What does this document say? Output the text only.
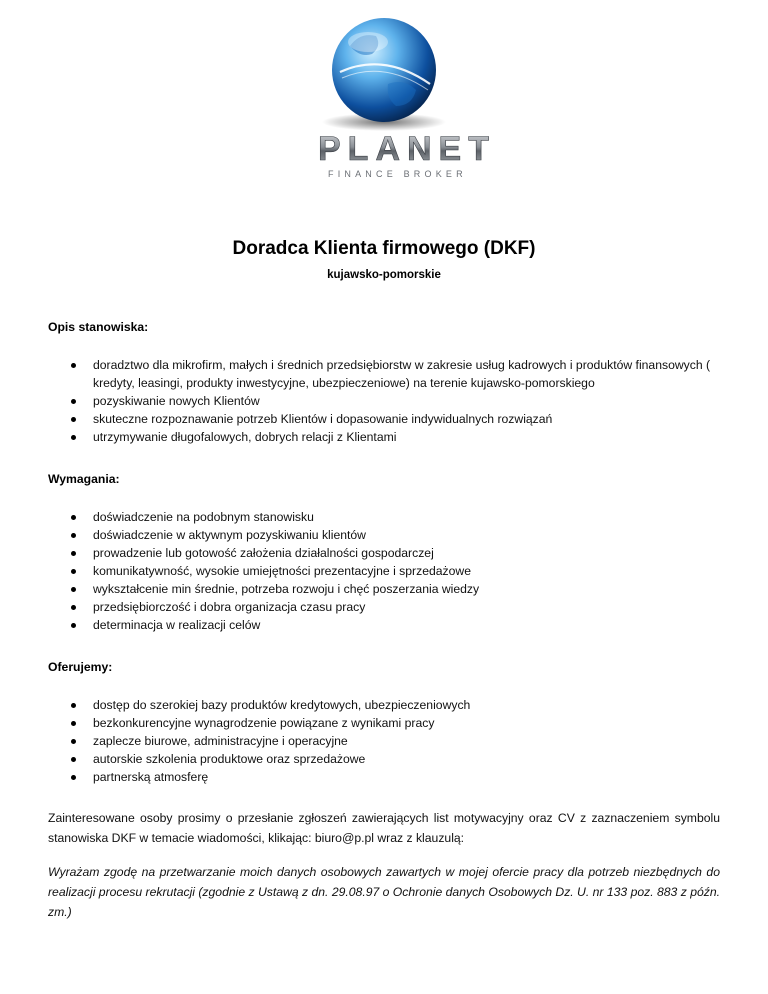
PLANET
FINANCE BROKER
Doradca Klienta firmowego (DKF)
kujawsko-pomorskie
Opis stanowiska:
doradztwo dla mikrofirm, małych i średnich przedsiębiorstw w zakresie usług kadrowych i produktów finansowych ( kredyty, leasingi, produkty inwestycyjne, ubezpieczeniowe) na terenie kujawsko-pomorskiego
pozyskiwanie nowych Klientów
skuteczne rozpoznawanie potrzeb Klientów i dopasowanie indywidualnych rozwiązań
utrzymywanie długofalowych, dobrych relacji z Klientami
Wymagania:
doświadczenie na podobnym stanowisku
doświadczenie w aktywnym pozyskiwaniu klientów
prowadzenie lub gotowość założenia działalności gospodarczej
komunikatywność, wysokie umiejętności prezentacyjne i sprzedażowe
wykształcenie min średnie, potrzeba rozwoju i chęć poszerzania wiedzy
przedsiębiorczość i dobra organizacja czasu pracy
determinacja w realizacji celów
Oferujemy:
dostęp do szerokiej bazy produktów kredytowych, ubezpieczeniowych
bezkonkurencyjne wynagrodzenie powiązane z wynikami pracy
zaplecze biurowe, administracyjne i operacyjne
autorskie szkolenia produktowe oraz sprzedażowe
partnerską atmosferę
Zainteresowane osoby prosimy o przesłanie zgłoszeń zawierających list motywacyjny oraz CV z zaznaczeniem symbolu stanowiska DKF w temacie wiadomości, klikając: biuro@p.pl wraz z klauzulą:
Wyrażam zgodę na przetwarzanie moich danych osobowych zawartych w mojej ofercie pracy dla potrzeb niezbędnych do realizacji procesu rekrutacji (zgodnie z Ustawą z dn. 29.08.97 o Ochronie danych Osobowych Dz. U. nr 133 poz. 883 z późn. zm.)
